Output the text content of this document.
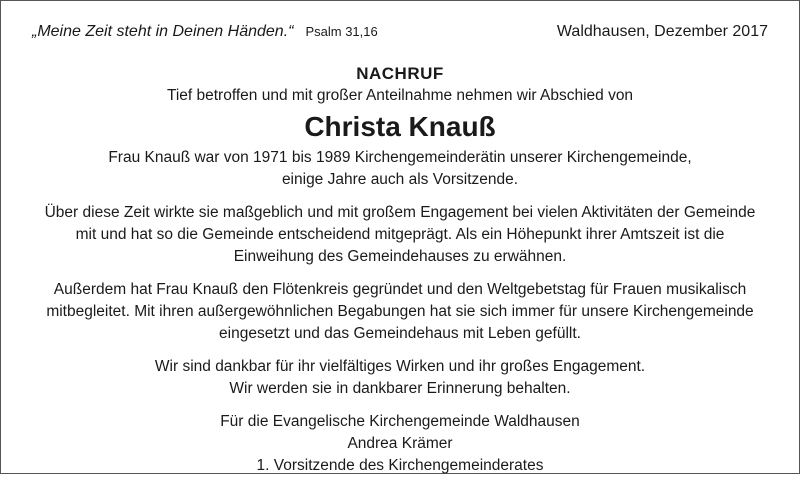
„Meine Zeit steht in Deinen Händen.“ Psalm 31,16	Waldhausen, Dezember 2017
NACHRUF
Tief betroffen und mit großer Anteilnahme nehmen wir Abschied von
Christa Knauß
Frau Knauß war von 1971 bis 1989 Kirchengemeinderätin unserer Kirchengemeinde,
einige Jahre auch als Vorsitzende.
Über diese Zeit wirkte sie maßgeblich und mit großem Engagement bei vielen Aktivitäten der Gemeinde
mit und hat so die Gemeinde entscheidend mitgeprägt. Als ein Höhepunkt ihrer Amtszeit ist die
Einweihung des Gemeindehauses zu erwähnen.
Außerdem hat Frau Knauß den Flötenkreis gegründet und den Weltgebetstag für Frauen musikalisch
mitbegleitet. Mit ihren außergewöhnlichen Begabungen hat sie sich immer für unsere Kirchengemeinde
eingesetzt und das Gemeindehaus mit Leben gefüllt.
Wir sind dankbar für ihr vielfältiges Wirken und ihr großes Engagement.
Wir werden sie in dankbarer Erinnerung behalten.
Für die Evangelische Kirchengemeinde Waldhausen
Andrea Krämer
1. Vorsitzende des Kirchengemeinderates
